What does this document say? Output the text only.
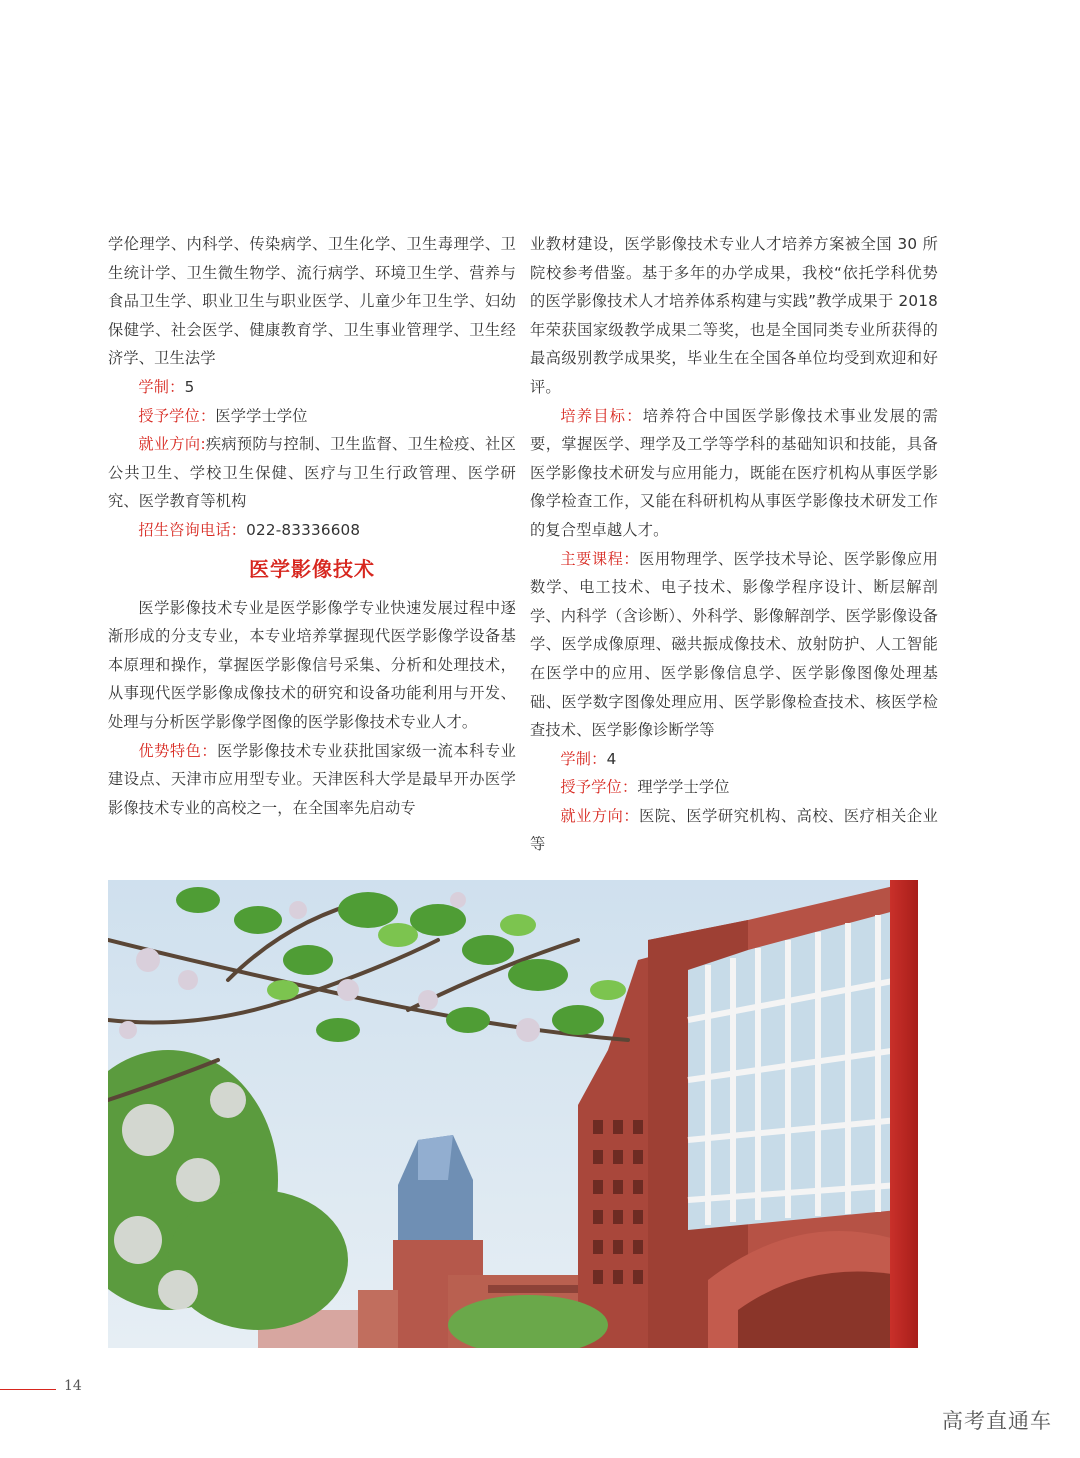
学伦理学、内科学、传染病学、卫生化学、卫生毒理学、卫生统计学、卫生微生物学、流行病学、环境卫生学、营养与食品卫生学、职业卫生与职业医学、儿童少年卫生学、妇幼保健学、社会医学、健康教育学、卫生事业管理学、卫生经济学、卫生法学

学制：5

授予学位：医学学士学位

就业方向:疾病预防与控制、卫生监督、卫生检疫、社区公共卫生、学校卫生保健、医疗与卫生行政管理、医学研究、医学教育等机构

招生咨询电话：022-83336608

医学影像技术

医学影像技术专业是医学影像学专业快速发展过程中逐渐形成的分支专业，本专业培养掌握现代医学影像学设备基本原理和操作，掌握医学影像信号采集、分析和处理技术，从事现代医学影像成像技术的研究和设备功能利用与开发、处理与分析医学影像学图像的医学影像技术专业人才。

优势特色：医学影像技术专业获批国家级一流本科专业建设点、天津市应用型专业。天津医科大学是最早开办医学影像技术专业的高校之一，在全国率先启动专

业教材建设，医学影像技术专业人才培养方案被全国 30 所院校参考借鉴。基于多年的办学成果，我校“依托学科优势的医学影像技术人才培养体系构建与实践”教学成果于 2018 年荣获国家级教学成果二等奖，也是全国同类专业所获得的最高级别教学成果奖，毕业生在全国各单位均受到欢迎和好评。

培养目标：培养符合中国医学影像技术事业发展的需要，掌握医学、理学及工学等学科的基础知识和技能，具备医学影像技术研发与应用能力，既能在医疗机构从事医学影像学检查工作，又能在科研机构从事医学影像技术研发工作的复合型卓越人才。

主要课程：医用物理学、医学技术导论、医学影像应用数学、电工技术、电子技术、影像学程序设计、断层解剖学、内科学（含诊断）、外科学、影像解剖学、医学影像设备学、医学成像原理、磁共振成像技术、放射防护、人工智能在医学中的应用、医学影像信息学、医学影像图像处理基础、医学数字图像处理应用、医学影像检查技术、核医学检查技术、医学影像诊断学等

学制：4

授予学位：理学学士学位

就业方向：医院、医学研究机构、高校、医疗相关企业等

14
高考直通车
